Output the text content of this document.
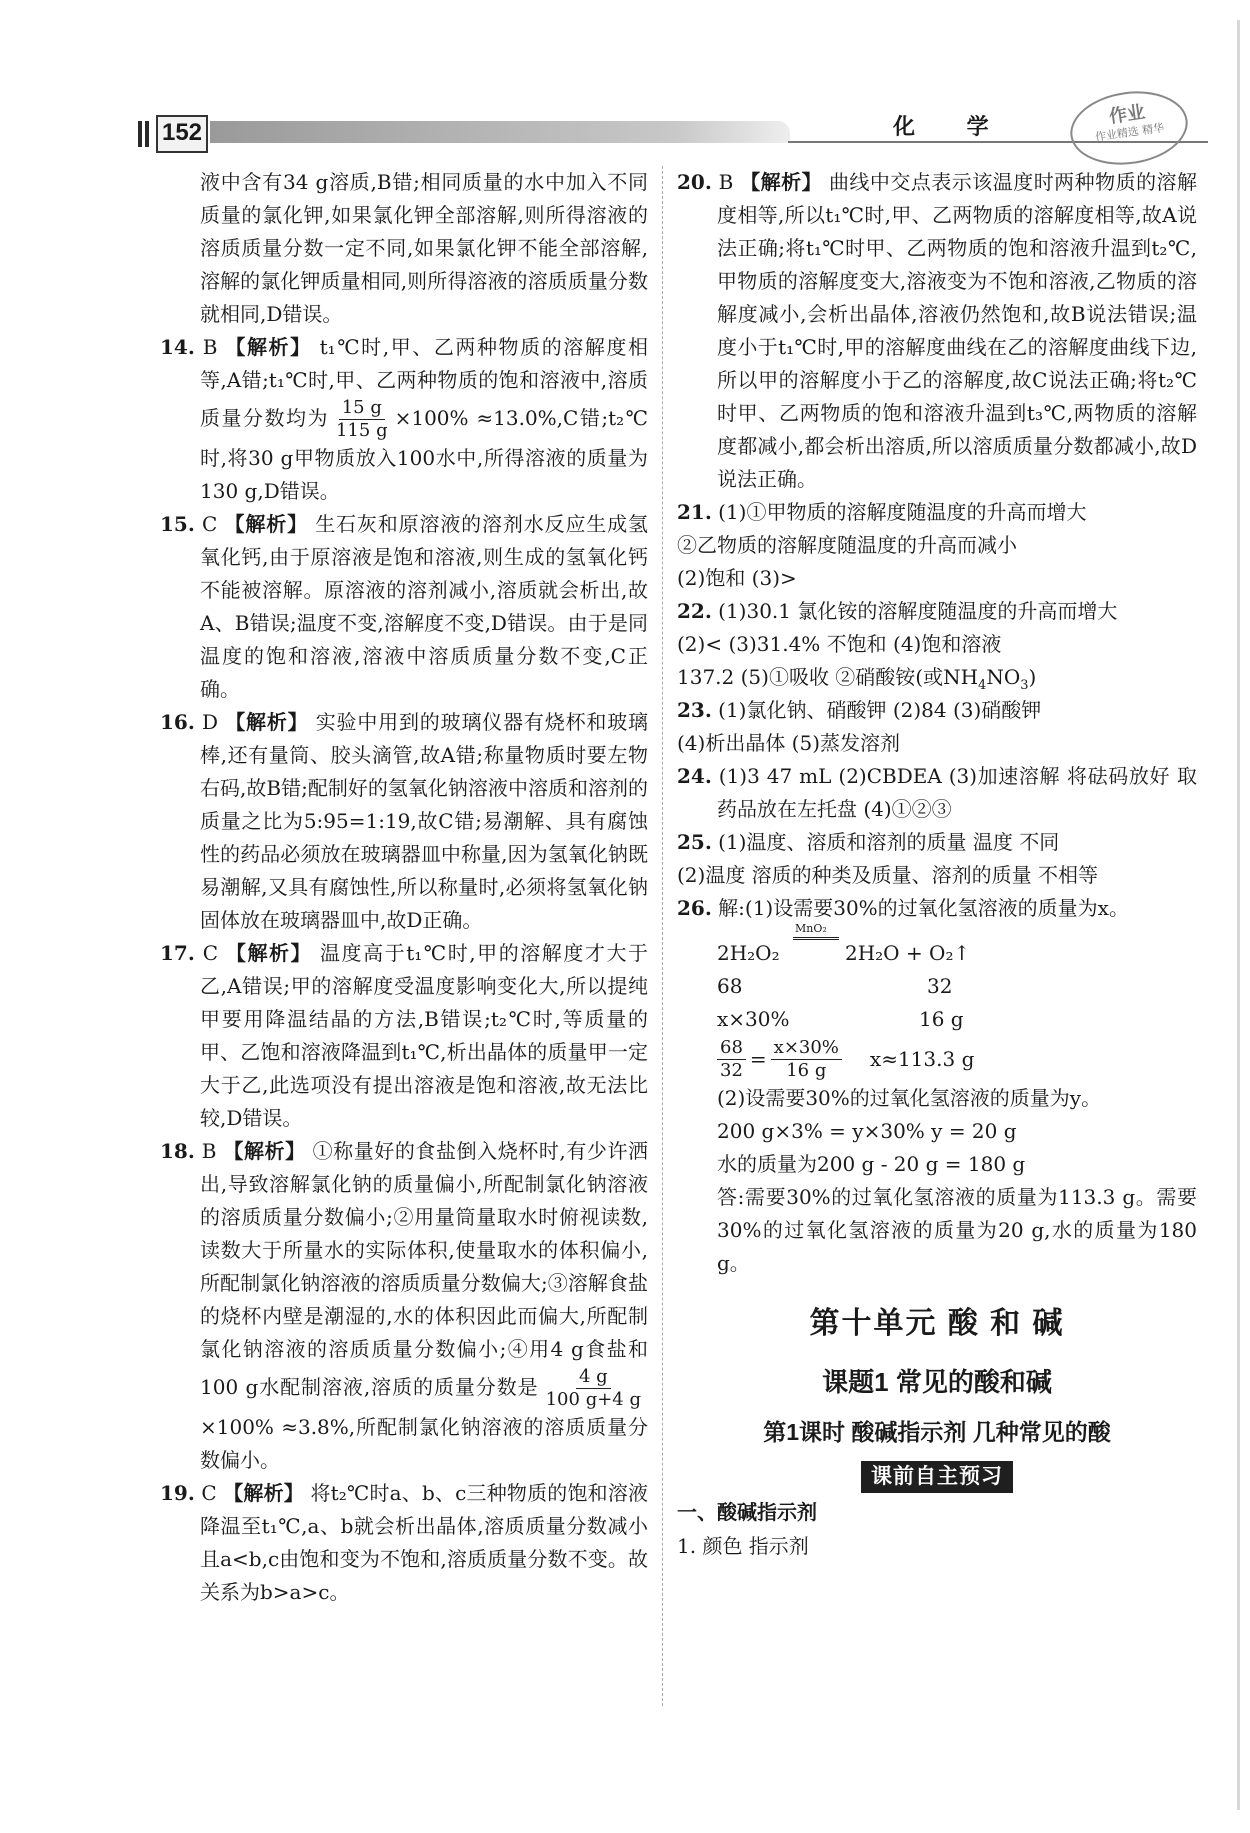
152	化 学	作业
作业精选 精华

液中含有34 g溶质,B错;相同质量的水中加入不同质量的氯化钾,如果氯化钾全部溶解,则所得溶液的溶质质量分数一定不同,如果氯化钾不能全部溶解,溶解的氯化钾质量相同,则所得溶液的溶质质量分数就相同,D错误。

14. B 【解析】 t₁℃时,甲、乙两种物质的溶解度相等,A错;t₁℃时,甲、乙两种物质的饱和溶液中,溶质质量分数均为 $\frac{15 g}{115 g} \times 100\% \approx 13.0\%,C$错;t₂℃时,将30 g甲物质放入100水中,所得溶液的质量为130 g,D错误。

15. C 【解析】 生石灰和原溶液的溶剂水反应生成氢氧化钙,由于原溶液是饱和溶液,则生成的氢氧化钙不能被溶解。原溶液的溶剂减小,溶质就会析出,故A、B错误;温度不变,溶解度不变,D错误。由于是同温度的饱和溶液,溶液中溶质质量分数不变,C正确。

16. D 【解析】 实验中用到的玻璃仪器有烧杯和玻璃棒,还有量筒、胶头滴管,故A错;称量物质时要左物右码,故B错;配制好的氢氧化钠溶液中溶质和溶剂的质量之比为5:95=1:19,故C错;易潮解、具有腐蚀性的药品必须放在玻璃器皿中称量,因为氢氧化钠既易潮解,又具有腐蚀性,所以称量时,必须将氢氧化钠固体放在玻璃器皿中,故D正确。

17. C 【解析】 温度高于t₁℃时,甲的溶解度才大于乙,A错误;甲的溶解度受温度影响变化大,所以提纯甲要用降温结晶的方法,B错误;t₂℃时,等质量的甲、乙饱和溶液降温到t₁℃,析出晶体的质量甲一定大于乙,此选项没有提出溶液是饱和溶液,故无法比较,D错误。

18. B 【解析】 ①称量好的食盐倒入烧杯时,有少许洒出,导致溶解氯化钠的质量偏小,所配制氯化钠溶液的溶质质量分数偏小;②用量筒量取水时俯视读数,读数大于所量水的实际体积,使量取水的体积偏小,所配制氯化钠溶液的溶质质量分数偏大;③溶解食盐的烧杯内壁是潮湿的,水的体积因此而偏大,所配制氯化钠溶液的溶质质量分数偏小;④用4 g食盐和100 g水配制溶液,溶质的质量分数是 $\frac{4 g}{100 g+4 g}$
×100% ≈3.8%,所配制氯化钠溶液的溶质质量分数偏小。

19. C 【解析】 将t₂℃时a、b、c三种物质的饱和溶液降温至t₁℃,a、b就会析出晶体,溶质质量分数减小且a<b,c由饱和变为不饱和,溶质质量分数不变。故关系为b>a>c。

20. B 【解析】 曲线中交点表示该温度时两种物质的溶解度相等,所以t₁℃时,甲、乙两物质的溶解度相等,故A说法正确;将t₁℃时甲、乙两物质的饱和溶液升温到t₂℃,甲物质的溶解度变大,溶液变为不饱和溶液,乙物质的溶解度减小,会析出晶体,溶液仍然饱和,故B说法错误;温度小于t₁℃时,甲的溶解度曲线在乙的溶解度曲线下边,所以甲的溶解度小于乙的溶解度,故C说法正确;将t₂℃时甲、乙两物质的饱和溶液升温到t₃℃,两物质的溶解度都减小,都会析出溶质,所以溶质质量分数都减小,故D说法正确。

21. (1)①甲物质的溶解度随温度的升高而增大
②乙物质的溶解度随温度的升高而减小
(2)饱和 (3)>
22. (1)30.1 氯化铵的溶解度随温度的升高而增大
(2)< (3)31.4% 不饱和 (4)饱和溶液
137.2 (5)①吸收 ②硝酸铵(或$NH_4NO_3$)
23. (1)氯化钠、硝酸钾 (2)84 (3)硝酸钾
(4)析出晶体 (5)蒸发溶剂
24. (1)3 47 mL (2)CBDEA (3)加速溶解 将砝码放好 取药品放在左托盘 (4)①②③
25. (1)温度、溶质和溶剂的质量 温度 不同
(2)温度 溶质的种类及质量、溶剂的质量 不相等
26. 解:(1)设需要30%的过氧化氢溶液的质量为x。
2H₂O₂
MnO₂
2H₂O + O₂↑
68	32
x×30%	16 g
$\frac{68}{32} = \frac{x\times 30\%}{16 g} x\approx 113.3$ g
(2)设需要30%的过氧化氢溶液的质量为y。
200 g×3% = y×30% y = 20 g
水的质量为200 g - 20 g = 180 g
答:需要30%的过氧化氢溶液的质量为113.3 g。需要30%的过氧化氢溶液的质量为20 g,水的质量为180 g。
第十单元 酸 和 碱
课题1 常见的酸和碱
第1课时 酸碱指示剂 几种常见的酸
课前自主预习
一、酸碱指示剂
1. 颜色 指示剂
